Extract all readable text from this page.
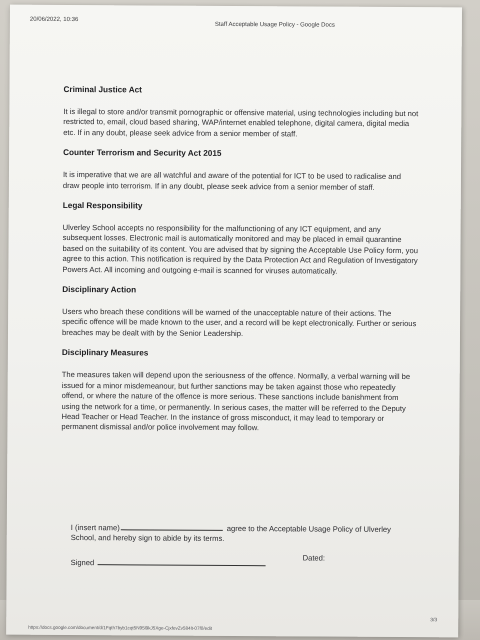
20/06/2022, 10:36
Staff Acceptable Usage Policy - Google Docs
Criminal Justice Act

It is illegal to store and/or transmit pornographic or offensive material, using technologies including but not restricted to, email, cloud based sharing, WAP/internet enabled telephone, digital camera, digital media etc. If in any doubt, please seek advice from a senior member of staff.

Counter Terrorism and Security Act 2015

It is imperative that we are all watchful and aware of the potential for ICT to be used to radicalise and draw people into terrorism. If in any doubt, please seek advice from a senior member of staff.

Legal Responsibility

Ulverley School accepts no responsibility for the malfunctioning of any ICT equipment, and any subsequent losses. Electronic mail is automatically monitored and may be placed in email quarantine based on the suitability of its content. You are advised that by signing the Acceptable Use Policy form, you agree to this action. This notification is required by the Data Protection Act and Regulation of Investigatory Powers Act. All incoming and outgoing e-mail is scanned for viruses automatically.

Disciplinary Action

Users who breach these conditions will be warned of the unacceptable nature of their actions. The specific offence will be made known to the user, and a record will be kept electronically. Further or serious breaches may be dealt with by the Senior Leadership.

Disciplinary Measures

The measures taken will depend upon the seriousness of the offence. Normally, a verbal warning will be issued for a minor misdemeanour, but further sanctions may be taken against those who repeatedly offend, or where the nature of the offence is more serious. These sanctions include banishment from using the network for a time, or permanently. In serious cases, the matter will be referred to the Deputy Head Teacher or Head Teacher. In the instance of gross misconduct, it may lead to temporary or permanent dismissal and/or police involvement may follow.

I (insert name)	agree to the Acceptable Usage Policy of Ulverley
School, and hereby sign to abide by its terms.
Dated:
Signed
3/3
https://docs.google.com/document/d/1Fqth7byb1cqt5N95l9kJ5Xge-CjxfevZv584lt-07f0/edit
